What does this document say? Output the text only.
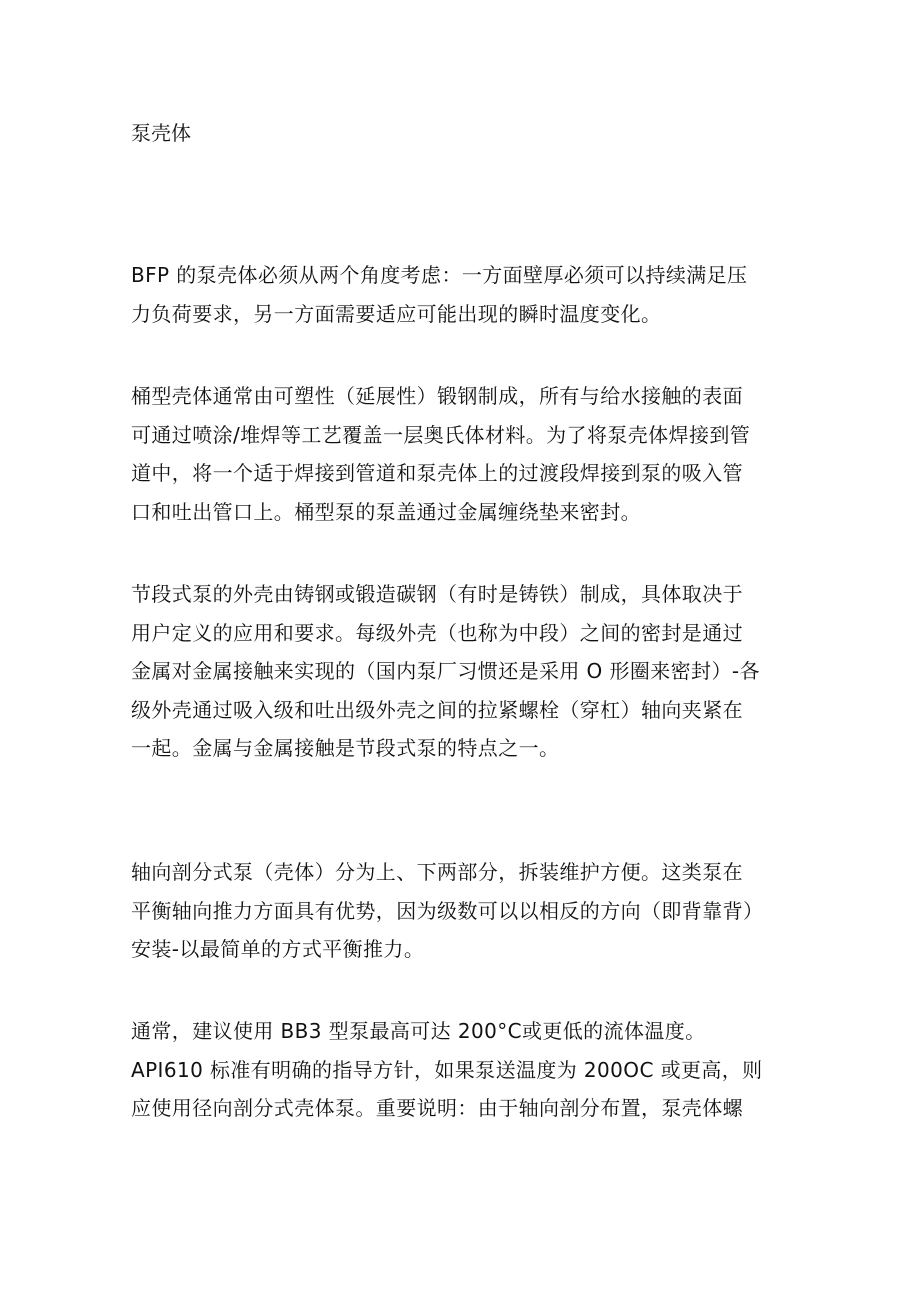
泵壳体
BFP 的泵壳体必须从两个角度考虑：一方面壁厚必须可以持续满足压
力负荷要求，另一方面需要适应可能出现的瞬时温度变化。
桶型壳体通常由可塑性（延展性）锻钢制成，所有与给水接触的表面
可通过喷涂/堆焊等工艺覆盖一层奥氏体材料。为了将泵壳体焊接到管
道中，将一个适于焊接到管道和泵壳体上的过渡段焊接到泵的吸入管
口和吐出管口上。桶型泵的泵盖通过金属缠绕垫来密封。
节段式泵的外壳由铸钢或锻造碳钢（有时是铸铁）制成，具体取决于
用户定义的应用和要求。每级外壳（也称为中段）之间的密封是通过
金属对金属接触来实现的（国内泵厂习惯还是采用 O 形圈来密封）-各
级外壳通过吸入级和吐出级外壳之间的拉紧螺栓（穿杠）轴向夹紧在
一起。金属与金属接触是节段式泵的特点之一。
轴向剖分式泵（壳体）分为上、下两部分，拆装维护方便。这类泵在
平衡轴向推力方面具有优势，因为级数可以以相反的方向（即背靠背）
安装-以最简单的方式平衡推力。
通常，建议使用 BB3 型泵最高可达 200°C或更低的流体温度。
API610 标准有明确的指导方针，如果泵送温度为 200OC 或更高，则
应使用径向剖分式壳体泵。重要说明：由于轴向剖分布置，泵壳体螺
